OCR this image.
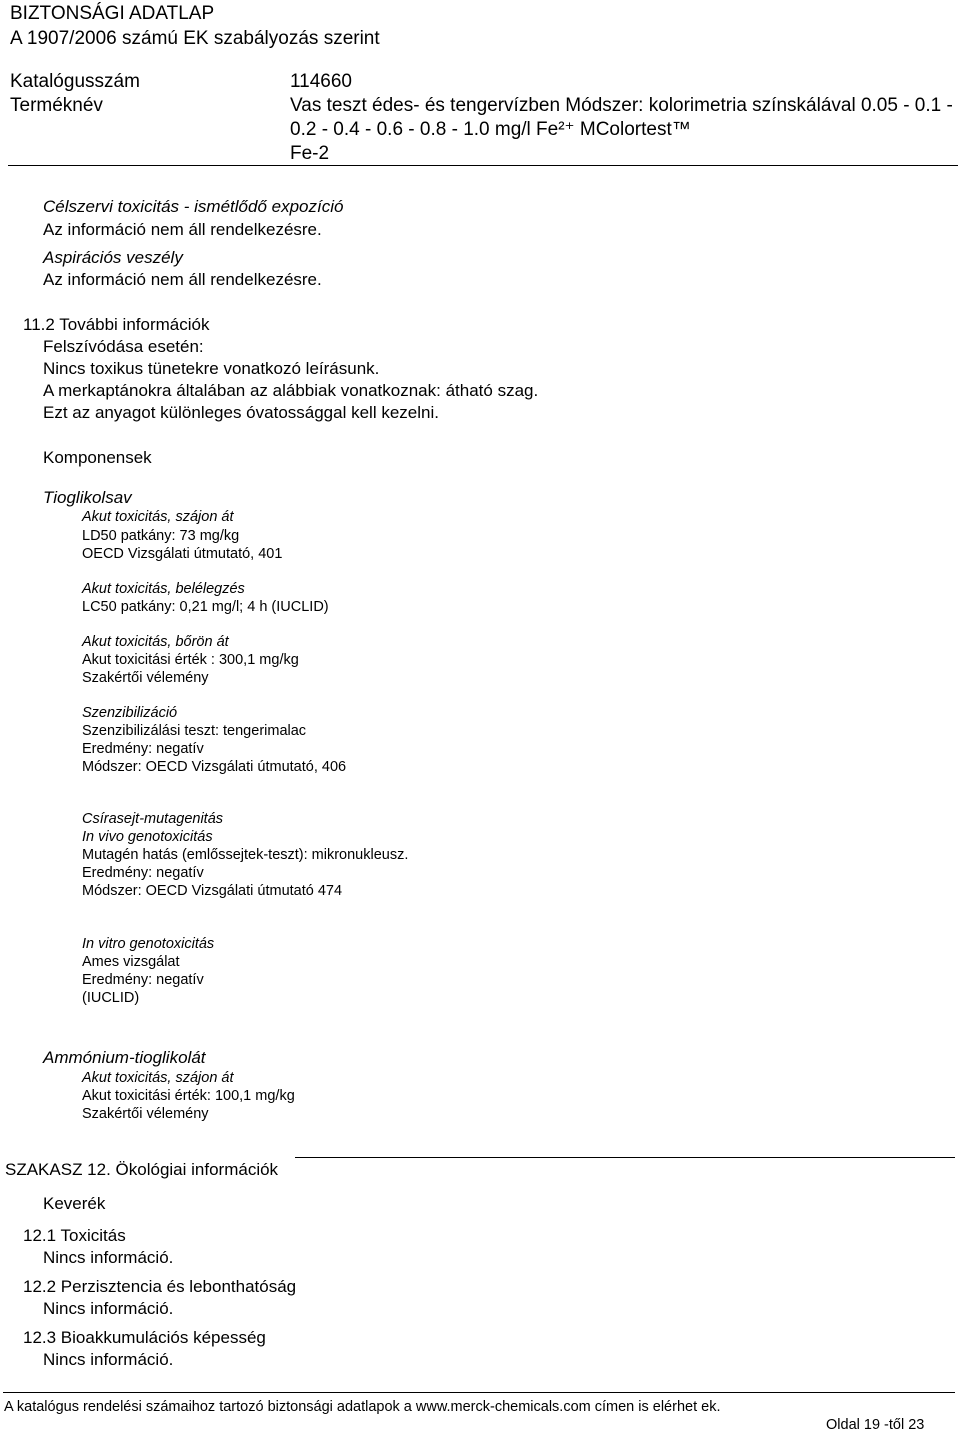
BIZTONSÁGI ADATLAP
A 1907/2006 számú EK szabályozás szerint
Katalógusszám	114660
Terméknév	Vas teszt édes- és tengervízben Módszer: kolorimetria színskálával 0.05 - 0.1 -
0.2 - 0.4 - 0.6 - 0.8 - 1.0 mg/l Fe²⁺ MColortest™
Fe-2
Célszervi toxicitás - ismétlődő expozíció
Az információ nem áll rendelkezésre.
Aspirációs veszély
Az információ nem áll rendelkezésre.
11.2 További információk
Felszívódása esetén:
Nincs toxikus tünetekre vonatkozó leírásunk.
A merkaptánokra általában az alábbiak vonatkoznak: átható szag.
Ezt az anyagot különleges óvatossággal kell kezelni.
Komponensek
Tioglikolsav
Akut toxicitás, szájon át
LD50 patkány: 73 mg/kg
OECD Vizsgálati útmutató, 401
Akut toxicitás, belélegzés
LC50 patkány: 0,21 mg/l; 4 h (IUCLID)
Akut toxicitás, bőrön át
Akut toxicitási érték : 300,1 mg/kg
Szakértői vélemény
Szenzibilizáció
Szenzibilizálási teszt: tengerimalac
Eredmény: negatív
Módszer: OECD Vizsgálati útmutató, 406
Csírasejt-mutagenitás
In vivo genotoxicitás
Mutagén hatás (emlőssejtek-teszt): mikronukleusz.
Eredmény: negatív
Módszer: OECD Vizsgálati útmutató 474
In vitro genotoxicitás
Ames vizsgálat
Eredmény: negatív
(IUCLID)
Ammónium-tioglikolát
Akut toxicitás, szájon át
Akut toxicitási érték: 100,1 mg/kg
Szakértői vélemény
SZAKASZ 12. Ökológiai információk
Keverék
12.1 Toxicitás
Nincs információ.
12.2 Perzisztencia és lebonthatóság
Nincs információ.
12.3 Bioakkumulációs képesség
Nincs információ.
A katalógus rendelési számaihoz tartozó biztonsági adatlapok a www.merck-chemicals.com címen is elérhet ek.
Oldal 19 -től 23
